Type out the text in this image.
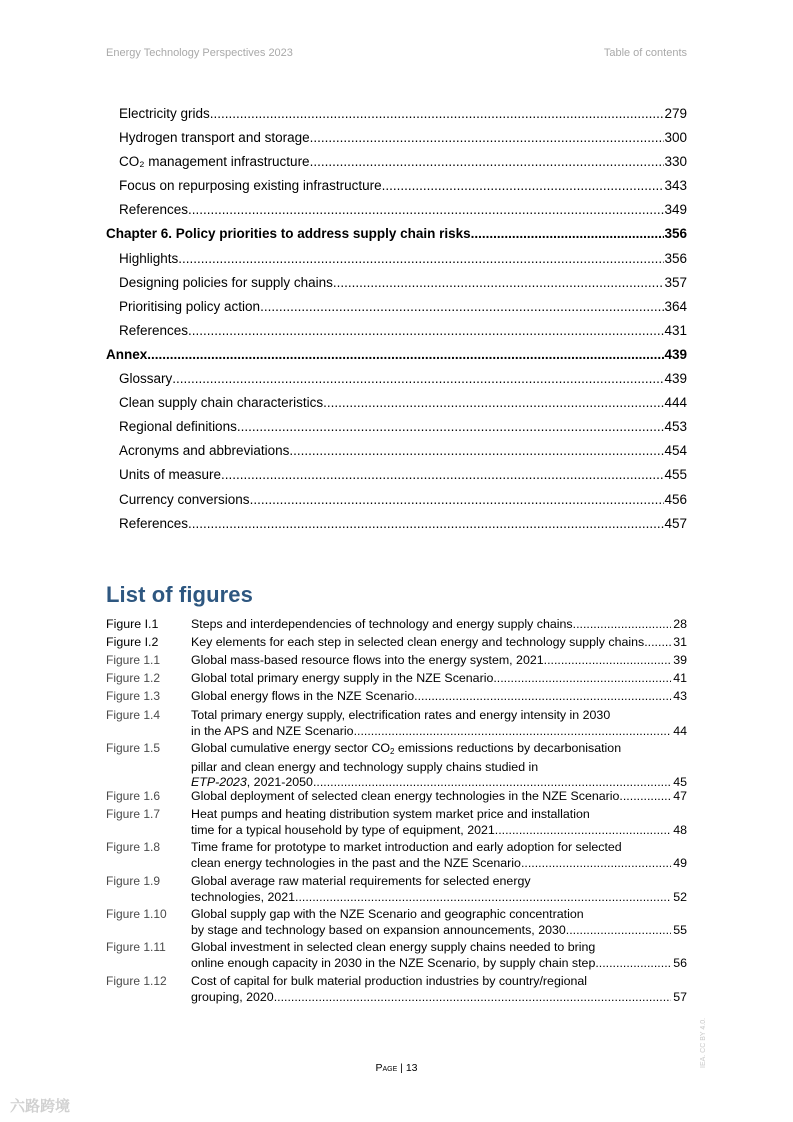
Energy Technology Perspectives 2023	Table of contents
Electricity grids .....	279
Hydrogen transport and storage .....	300
CO₂ management infrastructure .....	330
Focus on repurposing existing infrastructure .....	343
References .....	349
Chapter 6. Policy priorities to address supply chain risks .....	356
Highlights .....	356
Designing policies for supply chains .....	357
Prioritising policy action .....	364
References .....	431
Annex .....	439
Glossary .....	439
Clean supply chain characteristics .....	444
Regional definitions .....	453
Acronyms and abbreviations .....	454
Units of measure .....	455
Currency conversions .....	456
References .....	457
List of figures
Figure I.1	Steps and interdependencies of technology and energy supply chains .....	28
Figure I.2	Key elements for each step in selected clean energy and technology supply chains ..... 31
Figure 1.1 Global mass-based resource flows into the energy system, 2021 .....	39
Figure 1.2 Global total primary energy supply in the NZE Scenario .....	41
Figure 1.3 Global energy flows in the NZE Scenario .....	43
Figure 1.4 Total primary energy supply, electrification rates and energy intensity in 2030
in the APS and NZE Scenario .....	44
Figure 1.5 Global cumulative energy sector CO2 emissions reductions by decarbonisation
pillar and clean energy and technology supply chains studied in
ETP-2023, 2021-2050 .....	45
Figure 1.6 Global deployment of selected clean energy technologies in the NZE Scenario .....	47
Figure 1.7 Heat pumps and heating distribution system market price and installation
time for a typical household by type of equipment, 2021 .....	48
Figure 1.8 Time frame for prototype to market introduction and early adoption for selected
clean energy technologies in the past and the NZE Scenario .....	49
Figure 1.9 Global average raw material requirements for selected energy
technologies, 2021 .....	52
Figure 1.10 Global supply gap with the NZE Scenario and geographic concentration
by stage and technology based on expansion announcements, 2030 .....	55
Figure 1.11 Global investment in selected clean energy supply chains needed to bring
online enough capacity in 2030 in the NZE Scenario, by supply chain step .....	56
Figure 1.12 Cost of capital for bulk material production industries by country/regional
grouping, 2020 .....	57
Page | 13	IEA. CC BY 4.0.
六路跨境
